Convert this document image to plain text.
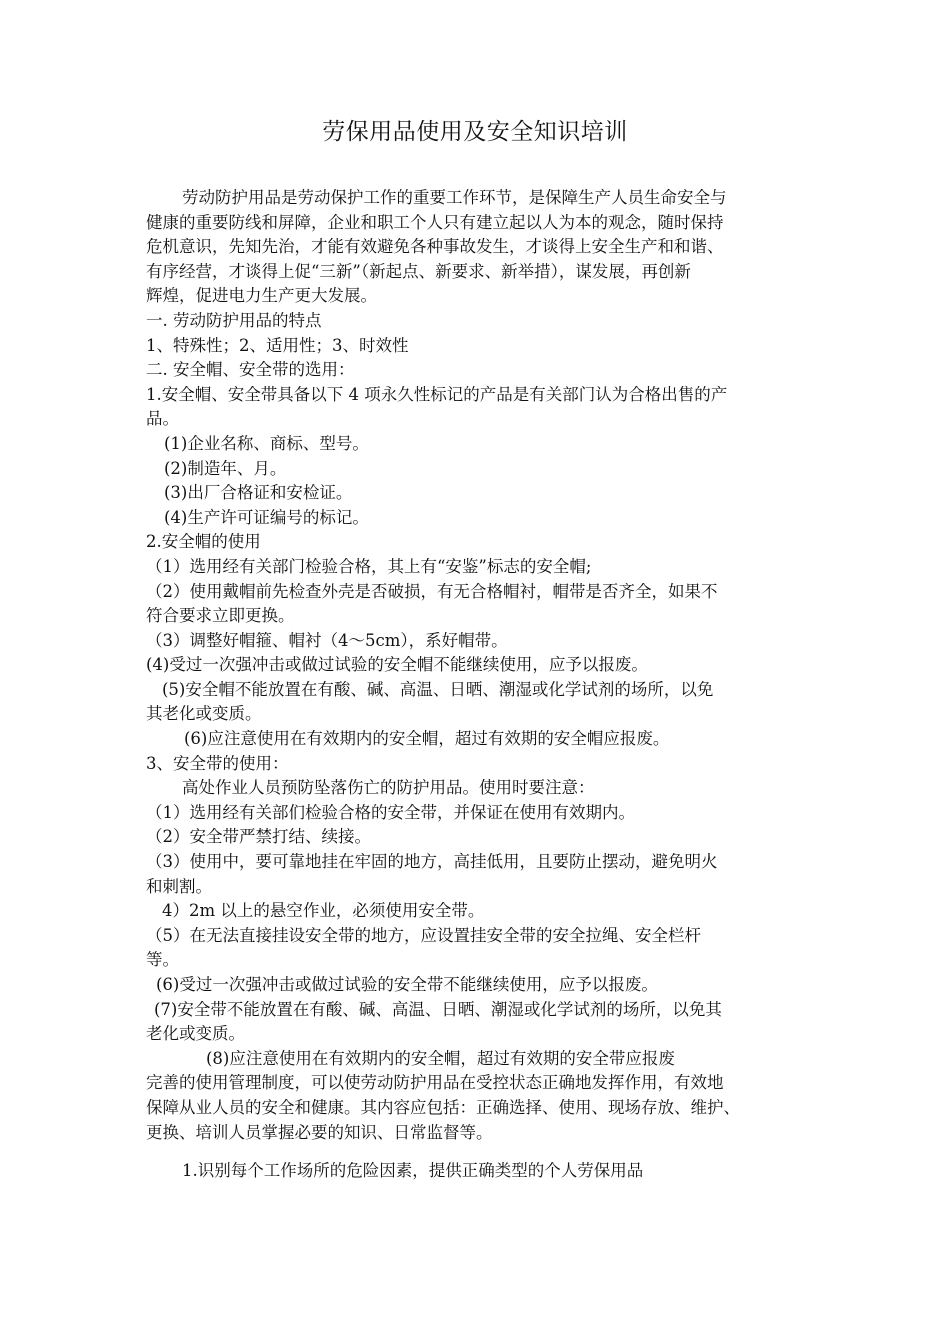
劳保用品使用及安全知识培训
劳动防护用品是劳动保护工作的重要工作环节，是保障生产人员生命安全与
健康的重要防线和屏障，企业和职工个人只有建立起以人为本的观念，随时保持
危机意识，先知先治，才能有效避免各种事故发生，才谈得上安全生产和和谐、
有序经营，才谈得上促“三新”（新起点、新要求、新举措），谋发展，再创新
辉煌，促进电力生产更大发展。
一. 劳动防护用品的特点
1、特殊性；2、适用性；3、时效性
二. 安全帽、安全带的选用：
1.安全帽、安全带具备以下 4 项永久性标记的产品是有关部门认为合格出售的产
品。
(1)企业名称、商标、型号。
(2)制造年、月。
(3)出厂合格证和安检证。
(4)生产许可证编号的标记。
2.安全帽的使用
（1）选用经有关部门检验合格，其上有“安鉴”标志的安全帽;
（2）使用戴帽前先检查外壳是否破损，有无合格帽衬，帽带是否齐全，如果不
符合要求立即更换。
（3）调整好帽箍、帽衬（4～5cm），系好帽带。
(4)受过一次强冲击或做过试验的安全帽不能继续使用，应予以报废。
(5)安全帽不能放置在有酸、碱、高温、日晒、潮湿或化学试剂的场所，以免
其老化或变质。
(6)应注意使用在有效期内的安全帽，超过有效期的安全帽应报废。
3、安全带的使用：
高处作业人员预防坠落伤亡的防护用品。使用时要注意：
（1）选用经有关部们检验合格的安全带，并保证在使用有效期内。
（2）安全带严禁打结、续接。
（3）使用中，要可靠地挂在牢固的地方，高挂低用，且要防止摆动，避免明火
和刺割。
4）2m 以上的悬空作业，必须使用安全带。
（5）在无法直接挂设安全带的地方，应设置挂安全带的安全拉绳、安全栏杆
等。
(6)受过一次强冲击或做过试验的安全带不能继续使用，应予以报废。
(7)安全带不能放置在有酸、碱、高温、日晒、潮湿或化学试剂的场所，以免其
老化或变质。
(8)应注意使用在有效期内的安全帽，超过有效期的安全带应报废
完善的使用管理制度，可以使劳动防护用品在受控状态正确地发挥作用，有效地
保障从业人员的安全和健康。其内容应包括：正确选择、使用、现场存放、维护、
更换、培训人员掌握必要的知识、日常监督等。
1.识别每个工作场所的危险因素，提供正确类型的个人劳保用品
